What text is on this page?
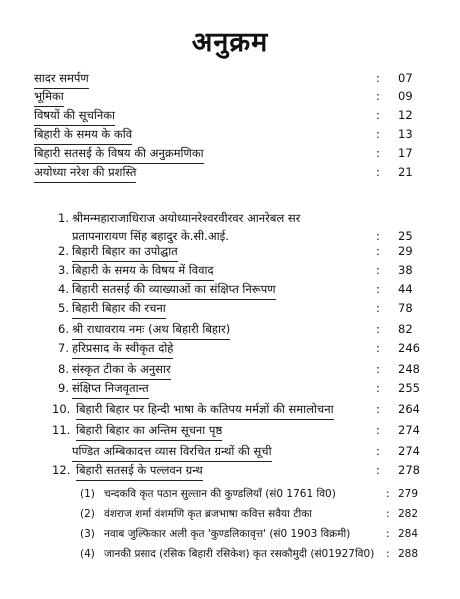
अनुक्रम
सादर समर्पण	: 07
भूमिका	: 09
विषयों की सूचनिका	: 12
बिहारी के समय के कवि	: 13
बिहारी सतसई के विषय की अनुक्रमणिका	: 17
अयोध्या नरेश की प्रशस्ति	: 21
1. श्रीमन्महाराजाधिराज अयोध्यानरेश्वरवीरवर आनरेबल सर
प्रतापनारायण सिंह बहादुर के.सी.आई.	: 25
2. बिहारी बिहार का उपोद्घात	: 29
3. बिहारी के समय के विषय में विवाद	: 38
4. बिहारी सतसई की व्याख्याओं का संक्षिप्त निरूपण	: 44
5. बिहारी बिहार की रचना	: 78
6. श्री राधावराय नमः (अथ बिहारी बिहार)	: 82
7. हरिप्रसाद के स्वीकृत दोहे	: 246
8. संस्कृत टीका के अनुसार	: 248
9. संक्षिप्त निजवृतान्त	: 255
10. बिहारी बिहार पर हिन्दी भाषा के कतिपय मर्मज्ञों की समालोचना	: 264
11. बिहारी बिहार का अन्तिम सूचना पृष्ठ	: 274
पण्डित अम्बिकादत्त व्यास विरचित ग्रन्थों की सूची	: 274
12. बिहारी सतसई के पल्लवन ग्रन्थ	: 278
(1) चन्दकवि कृत पठान सुल्तान की कुण्डलियाँ (सं0 1761 वि0)	: 279
(2) वंशराज शर्मा वंशमणि कृत ब्रजभाषा कवित्त सवैया टीका	: 282
(3) नवाब जुल्फिकार अली कृत 'कुण्डलिकावृत्त' (सं0 1903 विक्रमी)	: 284
(4) जानकी प्रसाद (रसिक बिहारी रसिकेश) कृत रसकौमुदी (सं01927वि0) : 288
